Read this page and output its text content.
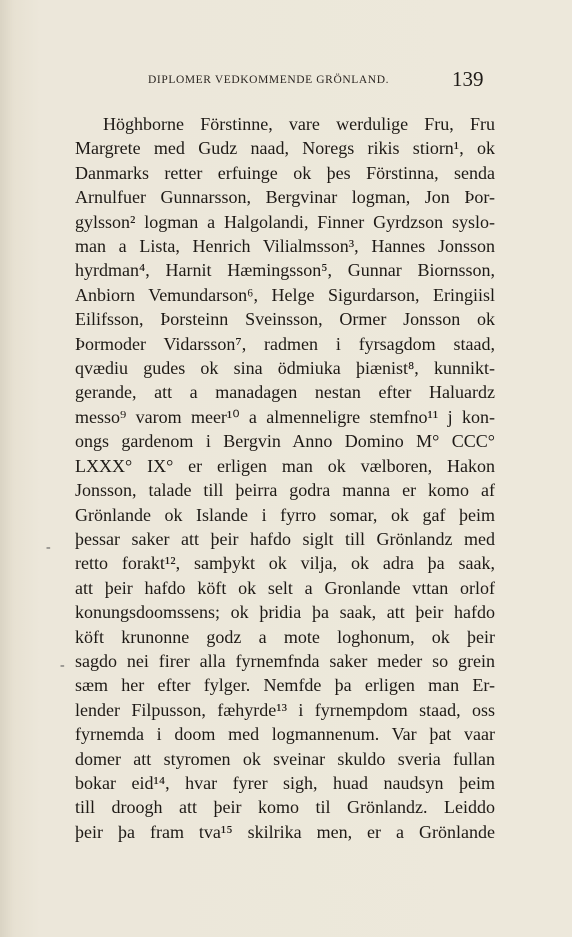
DIPLOMER VEDKOMMENDE GRÖNLAND.	139
-
-
Höghborne Förstinne, vare werdulige Fru, Fru
Margrete med Gudz naad, Noregs rikis stiorn¹, ok
Danmarks retter erfuinge ok þes Förstinna, senda
Arnulfuer Gunnarsson, Bergvinar logman, Jon Þor-
gylsson² logman a Halgolandi, Finner Gyrdzson syslo-
man a Lista, Henrich Vilialmsson³, Hannes Jonsson
hyrdman⁴, Harnit Hæmingsson⁵, Gunnar Biornsson,
Anbiorn Vemundarson⁶, Helge Sigurdarson, Eringiisl
Eilifsson, Þorsteinn Sveinsson, Ormer Jonsson ok
Þormoder Vidarsson⁷, radmen i fyrsagdom staad,
qvædiu gudes ok sina ödmiuka þiænist⁸, kunnikt-
gerande, att a manadagen nestan efter Haluardz
messo⁹ varom meer¹⁰ a almenneligre stemfno¹¹ j kon-
ongs gardenom i Bergvin Anno Domino M° CCC°
LXXX° IX° er erligen man ok vælboren, Hakon
Jonsson, talade till þeirra godra manna er komo af
Grönlande ok Islande i fyrro somar, ok gaf þeim
þessar saker att þeir hafdo siglt till Grönlandz med
retto forakt¹², samþykt ok vilja, ok adra þa saak,
att þeir hafdo köft ok selt a Gronlande vttan orlof
konungsdoomssens; ok þridia þa saak, att þeir hafdo
köft krunonne godz a mote loghonum, ok þeir
sagdo nei firer alla fyrnemfnda saker meder so grein
sæm her efter fylger. Nemfde þa erligen man Er-
lender Filpusson, fæhyrde¹³ i fyrnempdom staad, oss
fyrnemda i doom med logmannenum. Var þat vaar
domer att styromen ok sveinar skuldo sveria fullan
bokar eid¹⁴, hvar fyrer sigh, huad naudsyn þeim
till droogh att þeir komo til Grönlandz. Leiddo
þeir þa fram tva¹⁵ skilrika men, er a Grönlande
